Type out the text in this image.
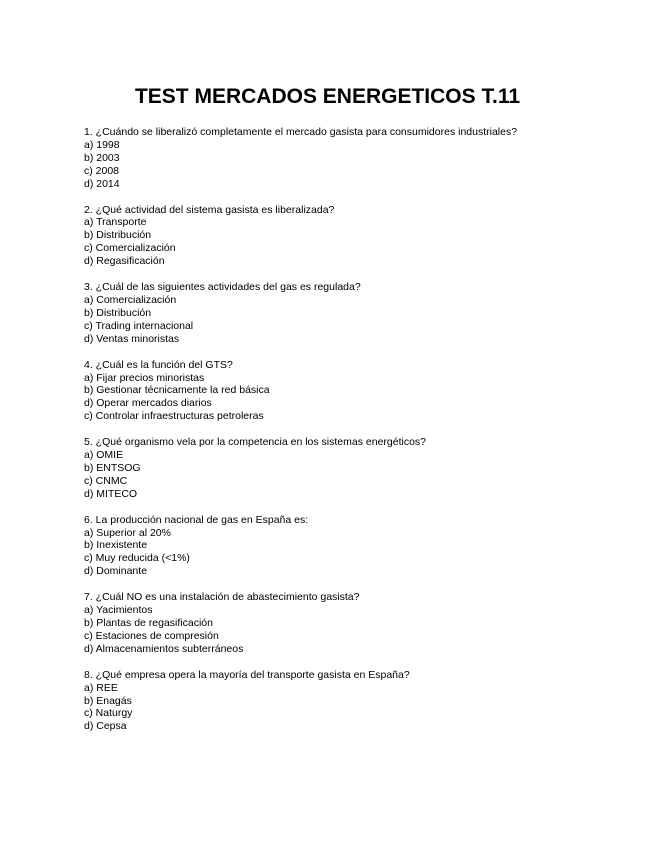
TEST MERCADOS ENERGETICOS T.11
1. ¿Cuándo se liberalizó completamente el mercado gasista para consumidores industriales?
a) 1998
b) 2003
c) 2008
d) 2014
2. ¿Qué actividad del sistema gasista es liberalizada?
a) Transporte
b) Distribución
c) Comercialización
d) Regasificación
3. ¿Cuál de las siguientes actividades del gas es regulada?
a) Comercialización
b) Distribución
c) Trading internacional
d) Ventas minoristas
4. ¿Cuál es la función del GTS?
a) Fijar precios minoristas
b) Gestionar técnicamente la red básica
d) Operar mercados diarios
c) Controlar infraestructuras petroleras
5. ¿Qué organismo vela por la competencia en los sistemas energéticos?
a) OMIE
b) ENTSOG
c) CNMC
d) MITECO
6. La producción nacional de gas en España es:
a) Superior al 20%
b) Inexistente
c) Muy reducida (<1%)
d) Dominante
7. ¿Cuál NO es una instalación de abastecimiento gasista?
a) Yacimientos
b) Plantas de regasificación
c) Estaciones de compresión
d) Almacenamientos subterráneos
8. ¿Qué empresa opera la mayoría del transporte gasista en España?
a) REE
b) Enagás
c) Naturgy
d) Cepsa
